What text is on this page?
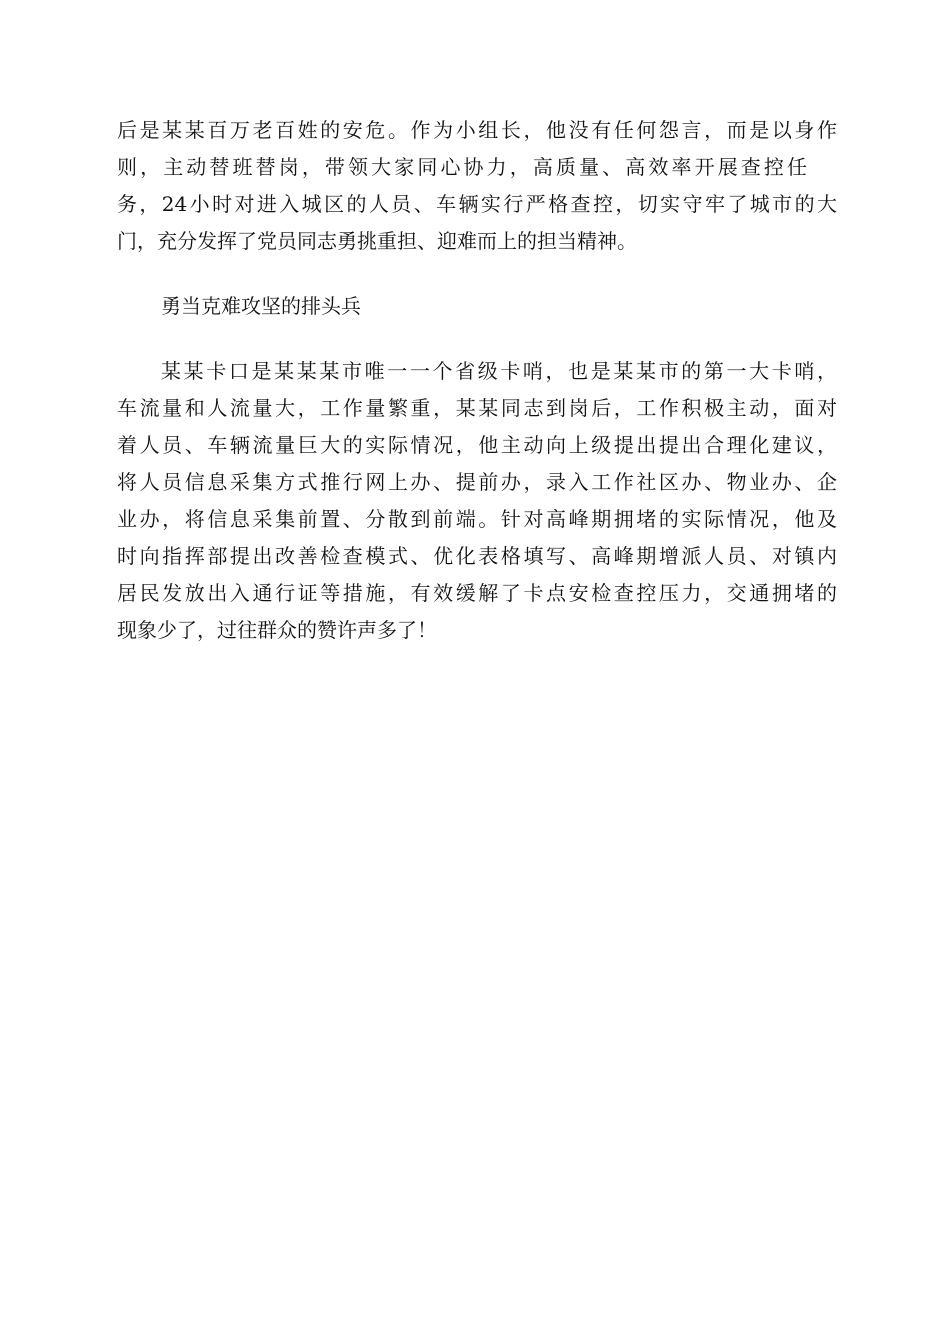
后是某某百万老百姓的安危。作为小组长，他没有任何怨言，而是以身作
则，主动替班替岗，带领大家同心协力，高质量、高效率开展查控任
务，24小时对进入城区的人员、车辆实行严格查控，切实守牢了城市的大
门，充分发挥了党员同志勇挑重担、迎难而上的担当精神。
勇当克难攻坚的排头兵
某某卡口是某某某市唯一一个省级卡哨，也是某某市的第一大卡哨，
车流量和人流量大，工作量繁重，某某同志到岗后，工作积极主动，面对
着人员、车辆流量巨大的实际情况，他主动向上级提出提出合理化建议，
将人员信息采集方式推行网上办、提前办，录入工作社区办、物业办、企
业办，将信息采集前置、分散到前端。针对高峰期拥堵的实际情况，他及
时向指挥部提出改善检查模式、优化表格填写、高峰期增派人员、对镇内
居民发放出入通行证等措施，有效缓解了卡点安检查控压力，交通拥堵的
现象少了，过往群众的赞许声多了！
